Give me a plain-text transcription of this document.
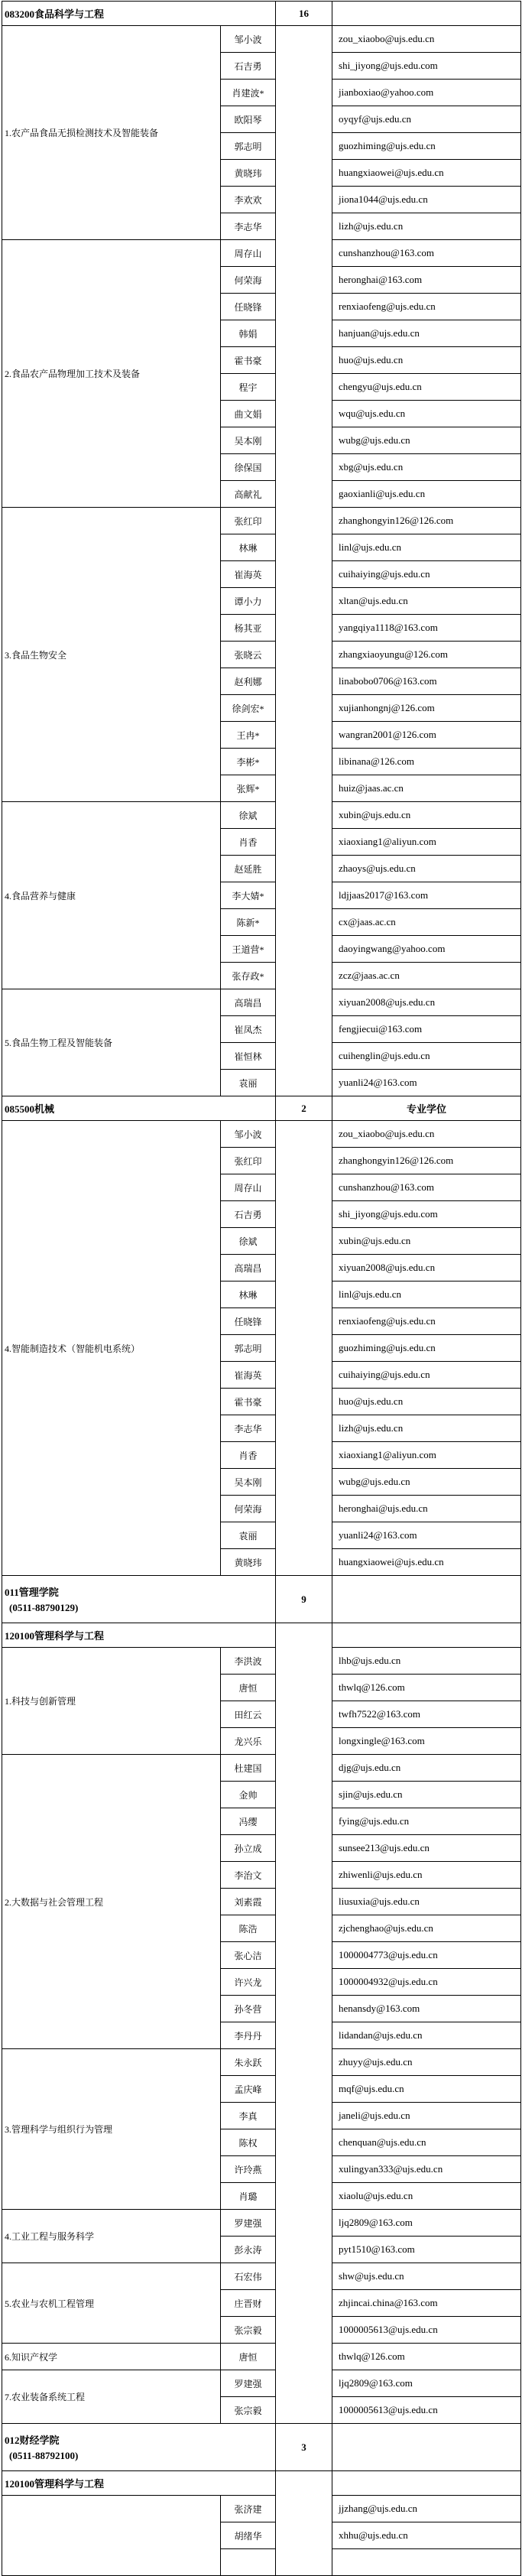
083200食品科学与工程		16	
1.农产品食品无损检测技术及智能装备	邹小波		zou_xiaobo@ujs.edu.cn
	石吉勇		shi_jiyong@ujs.edu.com
	肖建波*		jianboxiao@yahoo.com
	欧阳琴		oyqyf@ujs.edu.cn
	郭志明		guozhiming@ujs.edu.cn
	黄晓玮		huangxiaowei@ujs.edu.cn
	李欢欢		jiona1044@ujs.edu.cn
	李志华		lizh@ujs.edu.cn
2.食品农产品物理加工技术及装备	周存山		cunshanzhou@163.com
	何荣海		heronghai@163.com
	任晓锋		renxiaofeng@ujs.edu.cn
	韩娟		hanjuan@ujs.edu.cn
	霍书豪		huo@ujs.edu.cn
	程宇		chengyu@ujs.edu.cn
	曲文娟		wqu@ujs.edu.cn
	吴本刚		wubg@ujs.edu.cn
	徐保国		xbg@ujs.edu.cn
	高献礼		gaoxianli@ujs.edu.cn
3.食品生物安全	张红印		zhanghongyin126@126.com
	林琳		linl@ujs.edu.cn
	崔海英		cuihaiying@ujs.edu.cn
	谭小力		xltan@ujs.edu.cn
	杨其亚		yangqiya1118@163.com
	张晓云		zhangxiaoyungu@126.com
	赵利娜		linabobo0706@163.com
	徐剑宏*		xujianhongnj@126.com
	王冉*		wangran2001@126.com
	李彬*		libinana@126.com
	张辉*		huiz@jaas.ac.cn
4.食品营养与健康	徐斌		xubin@ujs.edu.cn
	肖香		xiaoxiang1@aliyun.com
	赵延胜		zhaoys@ujs.edu.cn
	李大婧*		ldjjaas2017@163.com
	陈新*		cx@jaas.ac.cn
	王道营*		daoyingwang@yahoo.com
	张存政*		zcz@jaas.ac.cn
5.食品生物工程及智能装备	高瑞昌		xiyuan2008@ujs.edu.cn
	崔凤杰		fengjiecui@163.com
	崔恒林		cuihenglin@ujs.edu.cn
	袁丽		yuanli24@163.com
085500机械		2	专业学位
4.智能制造技术（智能机电系统）	邹小波		zou_xiaobo@ujs.edu.cn
	张红印		zhanghongyin126@126.com
	周存山		cunshanzhou@163.com
	石吉勇		shi_jiyong@ujs.edu.com
	徐斌		xubin@ujs.edu.cn
	高瑞昌		xiyuan2008@ujs.edu.cn
	林琳		linl@ujs.edu.cn
	任晓锋		renxiaofeng@ujs.edu.cn
	郭志明		guozhiming@ujs.edu.cn
	崔海英		cuihaiying@ujs.edu.cn
	霍书豪		huo@ujs.edu.cn
	李志华		lizh@ujs.edu.cn
	肖香		xiaoxiang1@aliyun.com
	吴本刚		wubg@ujs.edu.cn
	何荣海		heronghai@ujs.edu.cn
	袁丽		yuanli24@163.com
	黄晓玮		huangxiaowei@ujs.edu.cn

011管理学院
(0511-88790129)		9	
120100管理科学与工程			
1.科技与创新管理	李洪波		lhb@ujs.edu.cn
	唐恒		thwlq@126.com
	田红云		twfh7522@163.com
	龙兴乐		longxingle@163.com
2.大数据与社会管理工程	杜建国		djg@ujs.edu.cn
	金帅		sjin@ujs.edu.cn
	冯缨		fying@ujs.edu.cn
	孙立成		sunsee213@ujs.edu.cn
	李治文		zhiwenli@ujs.edu.cn
	刘素霞		liusuxia@ujs.edu.cn
	陈浩		zjchenghao@ujs.edu.cn
	张心洁		1000004773@ujs.edu.cn
	许兴龙		1000004932@ujs.edu.cn
	孙冬营		henansdy@163.com
	李丹丹		lidandan@ujs.edu.cn
3.管理科学与组织行为管理	朱永跃		zhuyy@ujs.edu.cn
	孟庆峰		mqf@ujs.edu.cn
	李真		janeli@ujs.edu.cn
	陈权		chenquan@ujs.edu.cn
	许玲燕		xulingyan333@ujs.edu.cn
	肖璐		xiaolu@ujs.edu.cn
4.工业工程与服务科学	罗建强		ljq2809@163.com
	彭永涛		pyt1510@163.com
5.农业与农机工程管理	石宏伟		shw@ujs.edu.cn
	庄晋财		zhjincai.china@163.com
	张宗毅		1000005613@ujs.edu.cn
6.知识产权学	唐恒		thwlq@126.com
7.农业装备系统工程	罗建强		ljq2809@163.com
	张宗毅		1000005613@ujs.edu.cn

012财经学院
(0511-88792100)		3	
120100管理科学与工程			
	张济建		jjzhang@ujs.edu.cn
	胡绪华		xhhu@ujs.edu.cn
